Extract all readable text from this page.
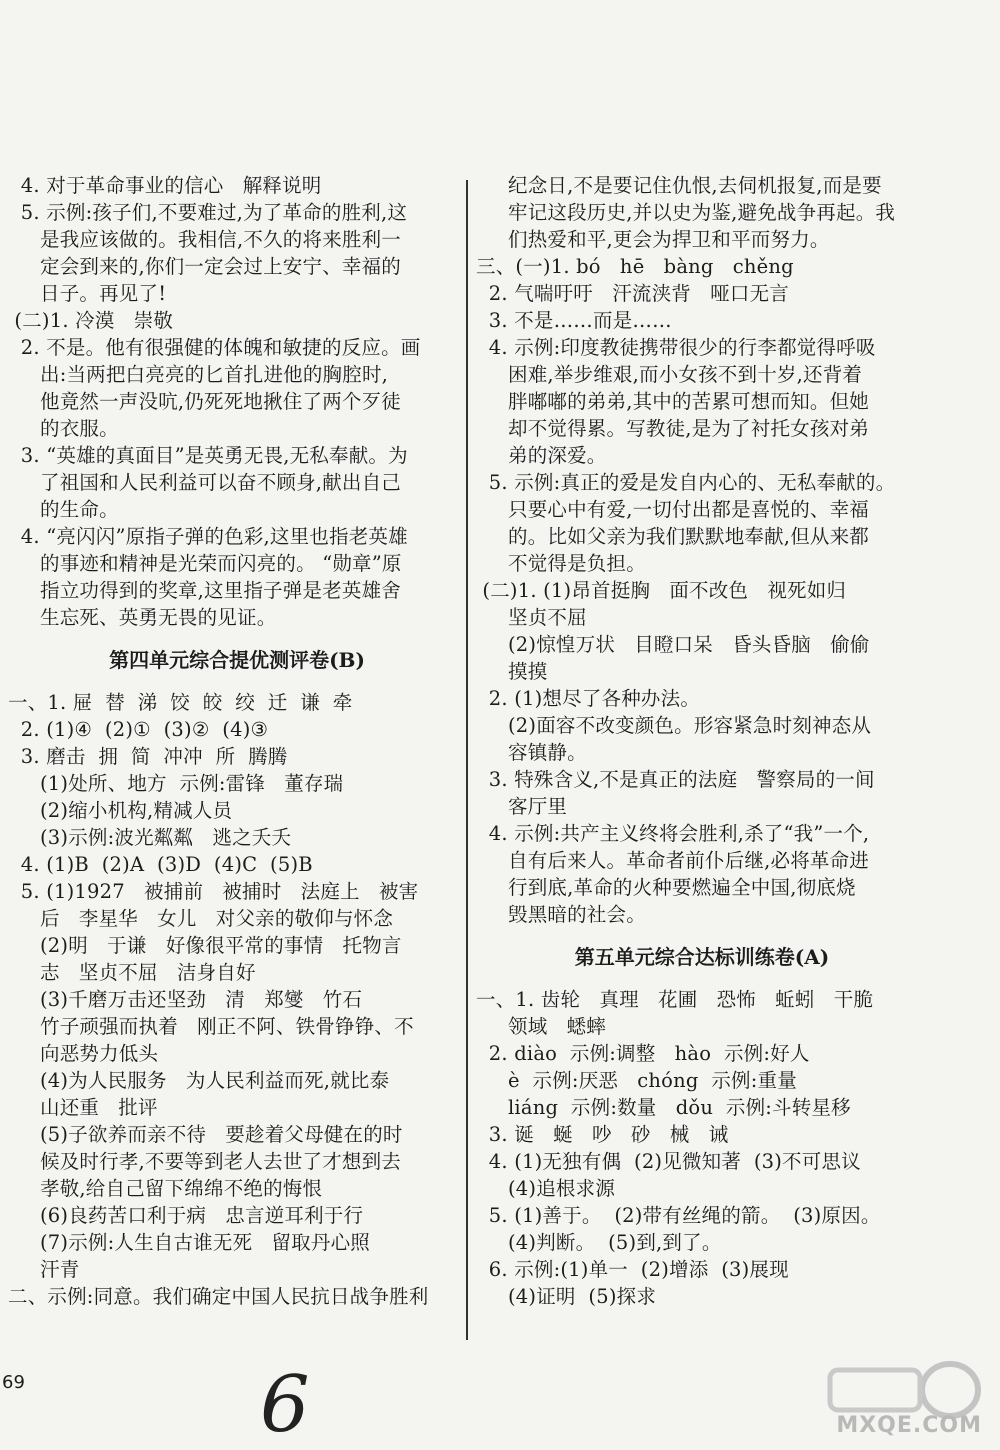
4. 对于革命事业的信心   解释说明
5. 示例:孩子们,不要难过,为了革命的胜利,这
是我应该做的。我相信,不久的将来胜利一
定会到来的,你们一定会过上安宁、幸福的
日子。再见了!
(二)1. 冷漠   崇敬
2. 不是。他有很强健的体魄和敏捷的反应。画
出:当两把白亮亮的匕首扎进他的胸腔时,
他竟然一声没吭,仍死死地揪住了两个歹徒
的衣服。
3. “英雄的真面目”是英勇无畏,无私奉献。为
了祖国和人民利益可以奋不顾身,献出自己
的生命。
4. “亮闪闪”原指子弹的色彩,这里也指老英雄
的事迹和精神是光荣而闪亮的。 “勋章”原
指立功得到的奖章,这里指子弹是老英雄舍
生忘死、英勇无畏的见证。
第四单元综合提优测评卷(B)
一、1. 屉  替  涕  饺  皎  绞  迁  谦  牵
2. (1)④  (2)①  (3)②  (4)③
3. 磨击  拥  简  冲冲  所  腾腾
(1)处所、地方  示例:雷锋   董存瑞
(2)缩小机构,精减人员
(3)示例:波光粼粼   逃之夭夭
4. (1)B  (2)A  (3)D  (4)C  (5)B
5. (1)1927   被捕前   被捕时   法庭上   被害
后   李星华   女儿   对父亲的敬仰与怀念
(2)明   于谦   好像很平常的事情   托物言
志   坚贞不屈   洁身自好
(3)千磨万击还坚劲   清   郑燮   竹石
竹子顽强而执着   刚正不阿、铁骨铮铮、不
向恶势力低头
(4)为人民服务   为人民利益而死,就比泰
山还重   批评
(5)子欲养而亲不待   要趁着父母健在的时
候及时行孝,不要等到老人去世了才想到去
孝敬,给自己留下绵绵不绝的悔恨
(6)良药苦口利于病   忠言逆耳利于行
(7)示例:人生自古谁无死   留取丹心照
汗青
二、示例:同意。我们确定中国人民抗日战争胜利
纪念日,不是要记住仇恨,去伺机报复,而是要
牢记这段历史,并以史为鉴,避免战争再起。我
们热爱和平,更会为捍卫和平而努力。
三、(一)1. bó   hē   bàng   chěng
2. 气喘吁吁   汗流浃背   哑口无言
3. 不是……而是……
4. 示例:印度教徒携带很少的行李都觉得呼吸
困难,举步维艰,而小女孩不到十岁,还背着
胖嘟嘟的弟弟,其中的苦累可想而知。但她
却不觉得累。写教徒,是为了衬托女孩对弟
弟的深爱。
5. 示例:真正的爱是发自内心的、无私奉献的。
只要心中有爱,一切付出都是喜悦的、幸福
的。比如父亲为我们默默地奉献,但从来都
不觉得是负担。
(二)1. (1)昂首挺胸   面不改色   视死如归
坚贞不屈
(2)惊惶万状   目瞪口呆   昏头昏脑   偷偷
摸摸
2. (1)想尽了各种办法。
(2)面容不改变颜色。形容紧急时刻神态从
容镇静。
3. 特殊含义,不是真正的法庭   警察局的一间
客厅里
4. 示例:共产主义终将会胜利,杀了“我”一个,
自有后来人。革命者前仆后继,必将革命进
行到底,革命的火种要燃遍全中国,彻底烧
毁黑暗的社会。
第五单元综合达标训练卷(A)
一、1. 齿轮   真理   花圃   恐怖   蚯蚓   干脆
领域   蟋蟀
2. diào  示例:调整   hào  示例:好人
è  示例:厌恶   chóng  示例:重量
liáng  示例:数量   dǒu  示例:斗转星移
3. 诞   蜒   吵   砂   械   诫
4. (1)无独有偶  (2)见微知著  (3)不可思议
(4)追根求源
5. (1)善于。  (2)带有丝绳的箭。  (3)原因。
(4)判断。  (5)到,到了。
6. 示例:(1)单一  (2)增添  (3)展现
(4)证明  (5)探求
69	6	MXQE.COM
